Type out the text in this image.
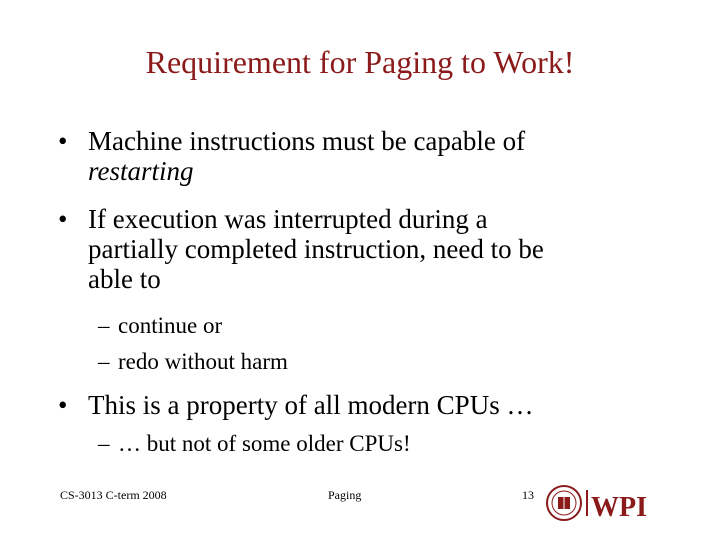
Requirement for Paging to Work!
• Machine instructions must be capable of
restarting
• If execution was interrupted during a
partially completed instruction, need to be
able to
– continue or
– redo without harm
• This is a property of all modern CPUs …
– … but not of some older CPUs!
CS-3013 C-term 2008	Paging	13 WPI
